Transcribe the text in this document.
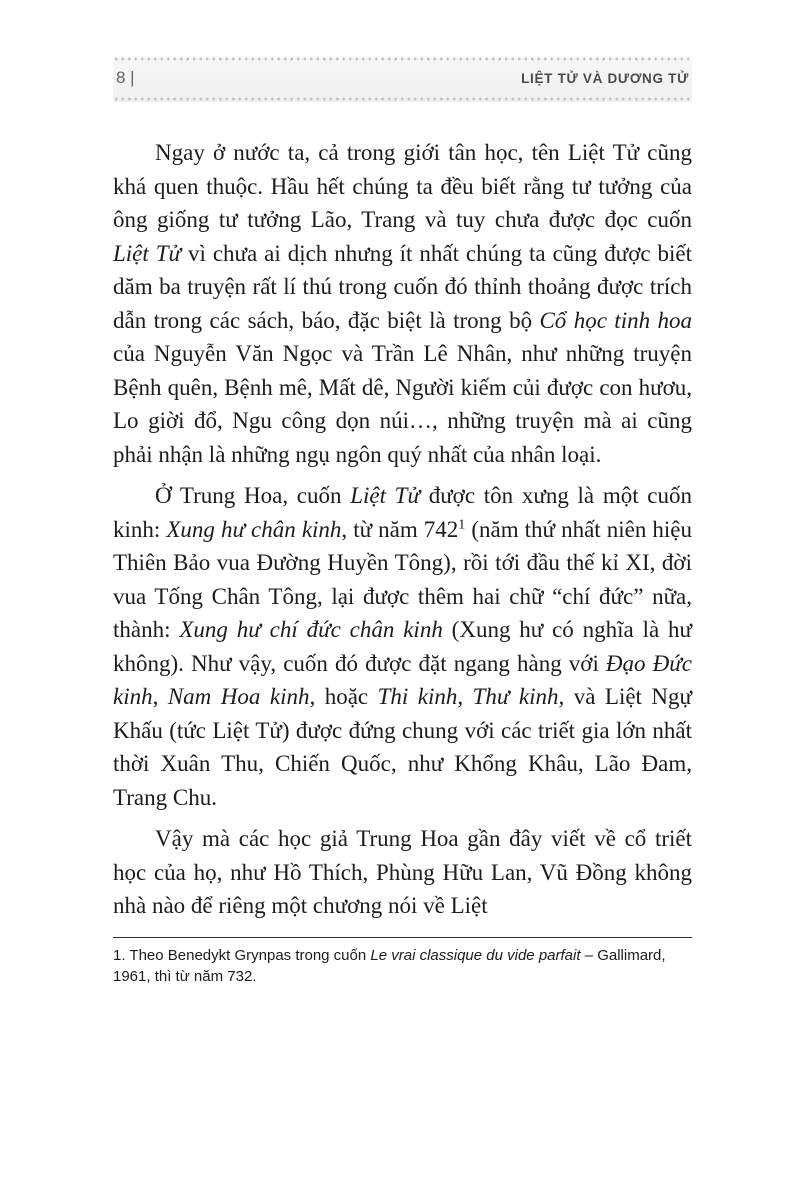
8 |	LIỆT TỬ VÀ DƯƠNG TỬ

Ngay ở nước ta, cả trong giới tân học, tên Liệt Tử cũng khá quen thuộc. Hầu hết chúng ta đều biết rằng tư tưởng của ông giống tư tưởng Lão, Trang và tuy chưa được đọc cuốn Liệt Tử vì chưa ai dịch nhưng ít nhất chúng ta cũng được biết dăm ba truyện rất lí thú trong cuốn đó thỉnh thoảng được trích dẫn trong các sách, báo, đặc biệt là trong bộ Cổ học tinh hoa của Nguyễn Văn Ngọc và Trần Lê Nhân, như những truyện Bệnh quên, Bệnh mê, Mất dê, Người kiếm củi được con hươu, Lo giời đổ, Ngu công dọn núi…, những truyện mà ai cũng phải nhận là những ngụ ngôn quý nhất của nhân loại.

Ở Trung Hoa, cuốn Liệt Tử được tôn xưng là một cuốn kinh: Xung hư chân kinh, từ năm $742^1$ (năm thứ nhất niên hiệu Thiên Bảo vua Đường Huyền Tông), rồi tới đầu thế kỉ XI, đời vua Tống Chân Tông, lại được thêm hai chữ “chí đức” nữa, thành: Xung hư chí đức chân kinh (Xung hư có nghĩa là hư không). Như vậy, cuốn đó được đặt ngang hàng với Đạo Đức kinh, Nam Hoa kinh, hoặc Thi kinh, Thư kinh, và Liệt Ngự Khấu (tức Liệt Tử) được đứng chung với các triết gia lớn nhất thời Xuân Thu, Chiến Quốc, như Khổng Khâu, Lão Đam, Trang Chu.

Vậy mà các học giả Trung Hoa gần đây viết về cổ triết học của họ, như Hồ Thích, Phùng Hữu Lan, Vũ Đồng không nhà nào để riêng một chương nói về Liệt

1. Theo Benedykt Grynpas trong cuốn Le vrai classique du vide parfait – Gallimard, 1961, thì từ năm 732.
